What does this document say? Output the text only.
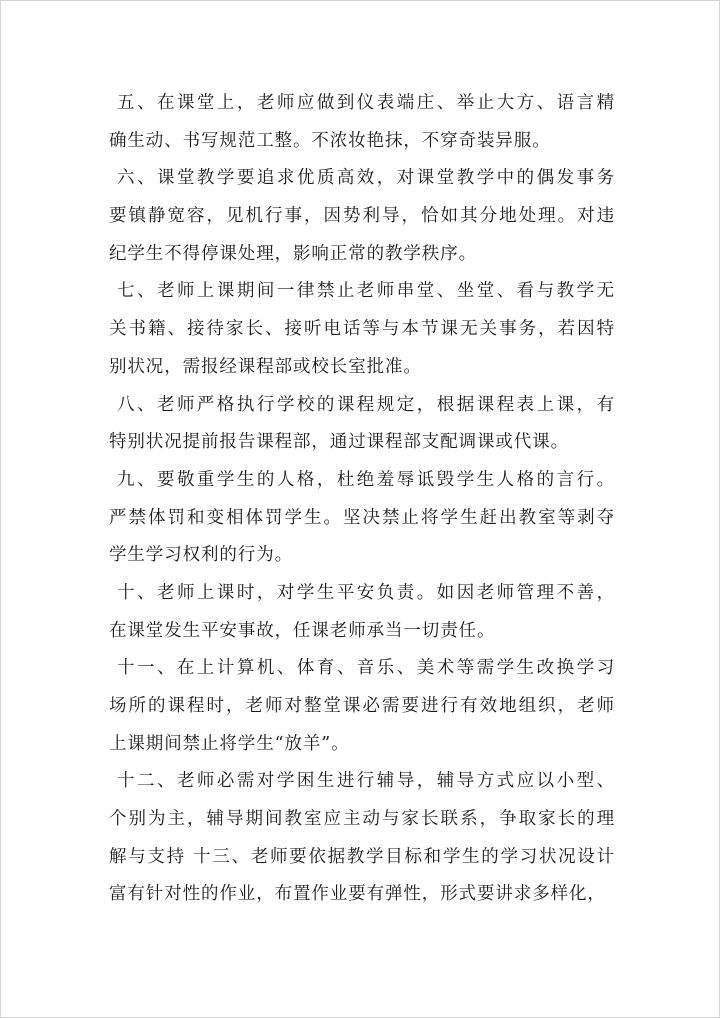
五、在课堂上，老师应做到仪表端庄、举止大方、语言精
确生动、书写规范工整。不浓妆艳抹，不穿奇装异服。
六、课堂教学要追求优质高效，对课堂教学中的偶发事务
要镇静宽容，见机行事，因势利导，恰如其分地处理。对违
纪学生不得停课处理，影响正常的教学秩序。
七、老师上课期间一律禁止老师串堂、坐堂、看与教学无
关书籍、接待家长、接听电话等与本节课无关事务，若因特
别状况，需报经课程部或校长室批准。
八、老师严格执行学校的课程规定，根据课程表上课，有
特别状况提前报告课程部，通过课程部支配调课或代课。
九、要敬重学生的人格，杜绝羞辱诋毁学生人格的言行。
严禁体罚和变相体罚学生。坚决禁止将学生赶出教室等剥夺
学生学习权利的行为。
十、老师上课时，对学生平安负责。如因老师管理不善，
在课堂发生平安事故，任课老师承当一切责任。
十一、在上计算机、体育、音乐、美术等需学生改换学习
场所的课程时，老师对整堂课必需要进行有效地组织，老师
上课期间禁止将学生“放羊”。
十二、老师必需对学困生进行辅导，辅导方式应以小型、
个别为主，辅导期间教室应主动与家长联系，争取家长的理
解与支持 十三、老师要依据教学目标和学生的学习状况设计
富有针对性的作业，布置作业要有弹性，形式要讲求多样化，
